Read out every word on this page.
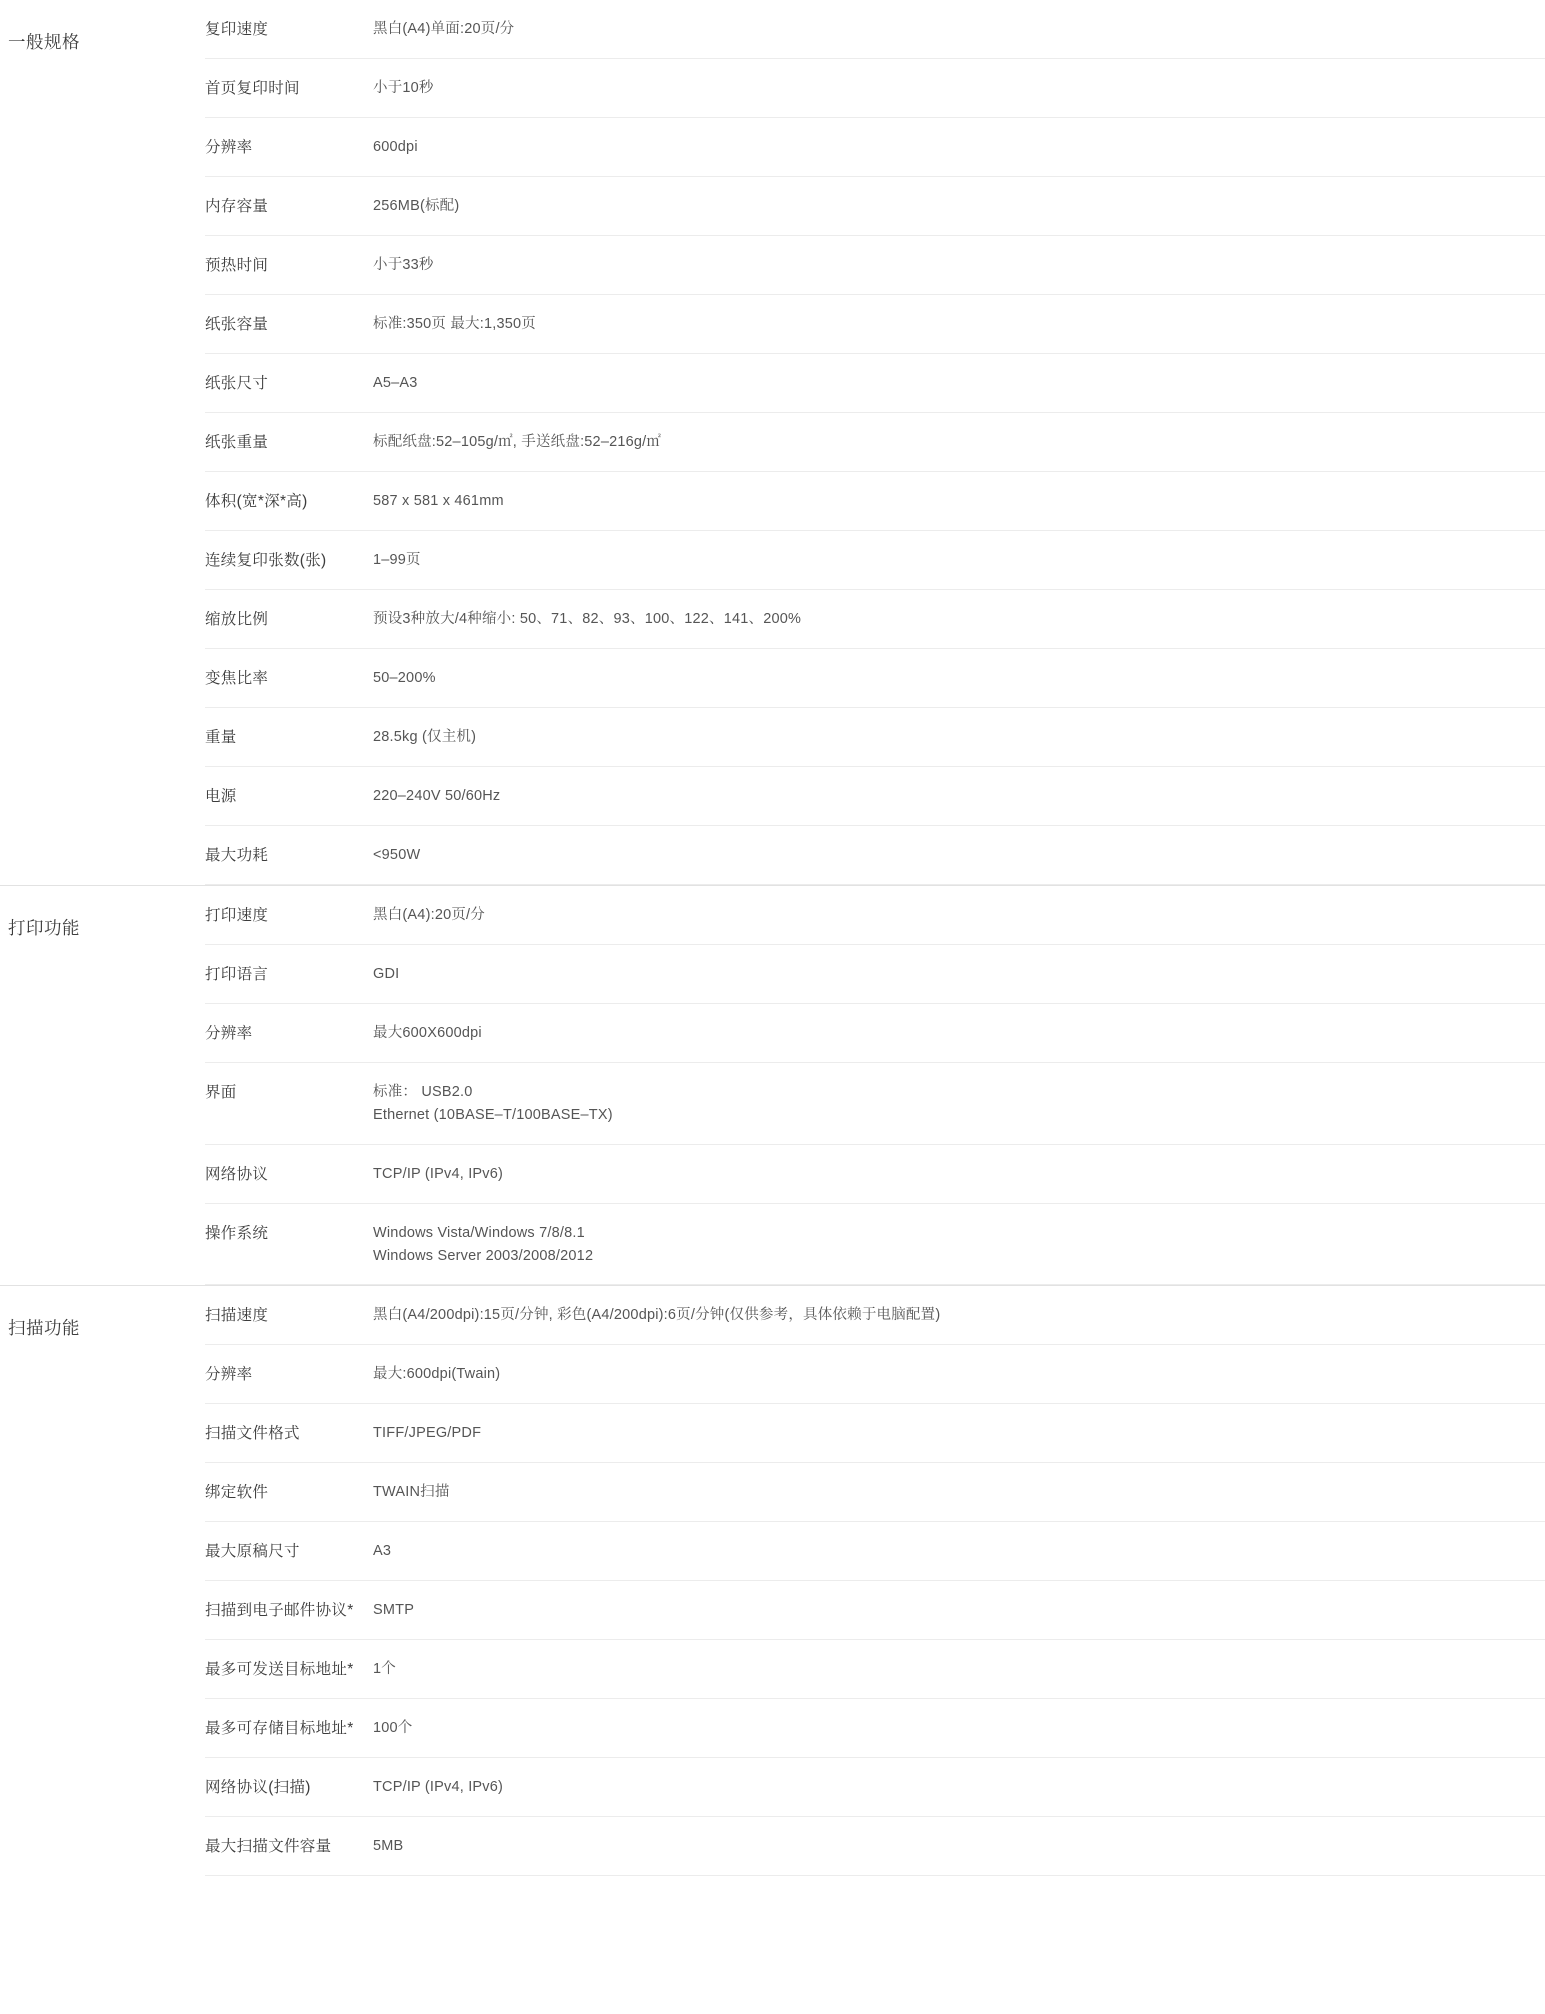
一般规格
复印速度	黑白(A4)单面:20页/分
首页复印时间	小于10秒
分辨率	600dpi
内存容量	256MB(标配)
预热时间	小于33秒
纸张容量	标准:350页 最大:1,350页
纸张尺寸	A5–A3
纸张重量	标配纸盘:52–105g/㎡, 手送纸盘:52–216g/㎡
体积(宽*深*高)	587 x 581 x 461mm
连续复印张数(张)	1–99页
缩放比例	预设3种放大/4种缩小: 50、71、82、93、100、122、141、200%
变焦比率	50–200%
重量	28.5kg (仅主机)
电源	220–240V 50/60Hz
最大功耗	<950W
打印功能
打印速度	黑白(A4):20页/分
打印语言	GDI
分辨率	最大600X600dpi
界面	标准： USB2.0
Ethernet (10BASE–T/100BASE–TX)
网络协议	TCP/IP (IPv4, IPv6)
操作系统	Windows Vista/Windows 7/8/8.1
Windows Server 2003/2008/2012
扫描功能
扫描速度	黑白(A4/200dpi):15页/分钟, 彩色(A4/200dpi):6页/分钟(仅供参考，具体依赖于电脑配置)
分辨率	最大:600dpi(Twain)
扫描文件格式	TIFF/JPEG/PDF
绑定软件	TWAIN扫描
最大原稿尺寸	A3
扫描到电子邮件协议*	SMTP
最多可发送目标地址*	1个
最多可存储目标地址*	100个
网络协议(扫描)	TCP/IP (IPv4, IPv6)
最大扫描文件容量	5MB
